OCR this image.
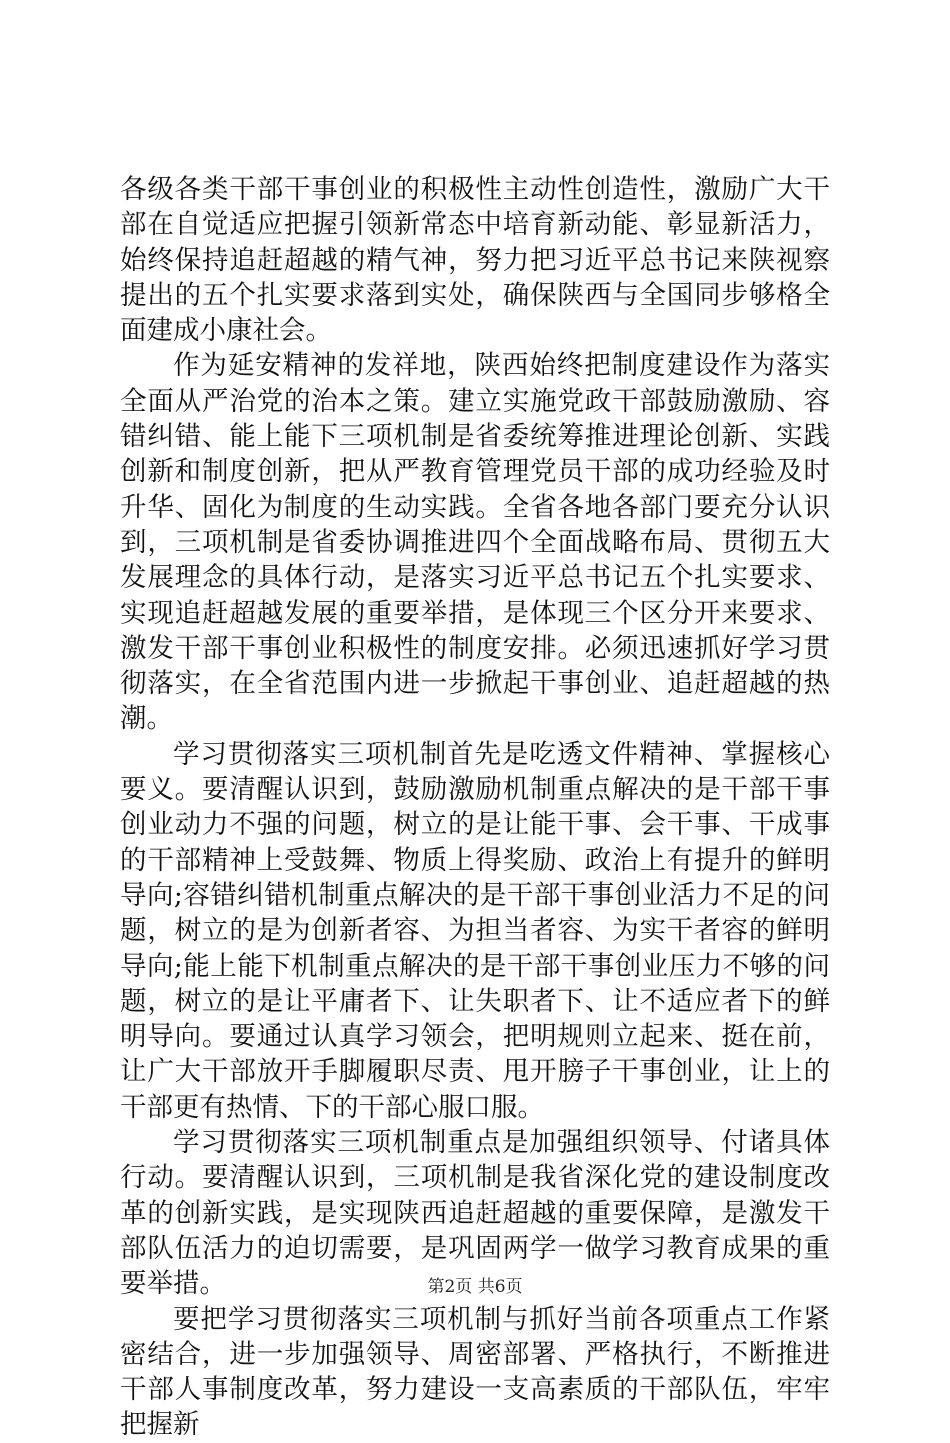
各级各类干部干事创业的积极性主动性创造性，激励广大干部在自觉适应把握引领新常态中培育新动能、彰显新活力，始终保持追赶超越的精气神，努力把习近平总书记来陕视察提出的五个扎实要求落到实处，确保陕西与全国同步够格全面建成小康社会。

作为延安精神的发祥地，陕西始终把制度建设作为落实全面从严治党的治本之策。建立实施党政干部鼓励激励、容错纠错、能上能下三项机制是省委统筹推进理论创新、实践创新和制度创新，把从严教育管理党员干部的成功经验及时升华、固化为制度的生动实践。全省各地各部门要充分认识到，三项机制是省委协调推进四个全面战略布局、贯彻五大发展理念的具体行动，是落实习近平总书记五个扎实要求、实现追赶超越发展的重要举措，是体现三个区分开来要求、激发干部干事创业积极性的制度安排。必须迅速抓好学习贯彻落实，在全省范围内进一步掀起干事创业、追赶超越的热潮。

学习贯彻落实三项机制首先是吃透文件精神、掌握核心要义。要清醒认识到，鼓励激励机制重点解决的是干部干事创业动力不强的问题，树立的是让能干事、会干事、干成事的干部精神上受鼓舞、物质上得奖励、政治上有提升的鲜明导向;容错纠错机制重点解决的是干部干事创业活力不足的问题，树立的是为创新者容、为担当者容、为实干者容的鲜明导向;能上能下机制重点解决的是干部干事创业压力不够的问题，树立的是让平庸者下、让失职者下、让不适应者下的鲜明导向。要通过认真学习领会，把明规则立起来、挺在前，让广大干部放开手脚履职尽责、甩开膀子干事创业，让上的干部更有热情、下的干部心服口服。

学习贯彻落实三项机制重点是加强组织领导、付诸具体行动。要清醒认识到，三项机制是我省深化党的建设制度改革的创新实践，是实现陕西追赶超越的重要保障，是激发干部队伍活力的迫切需要，是巩固两学一做学习教育成果的重要举措。

要把学习贯彻落实三项机制与抓好当前各项重点工作紧密结合，进一步加强领导、周密部署、严格执行，不断推进干部人事制度改革，努力建设一支高素质的干部队伍，牢牢把握新

第2页 共6页
